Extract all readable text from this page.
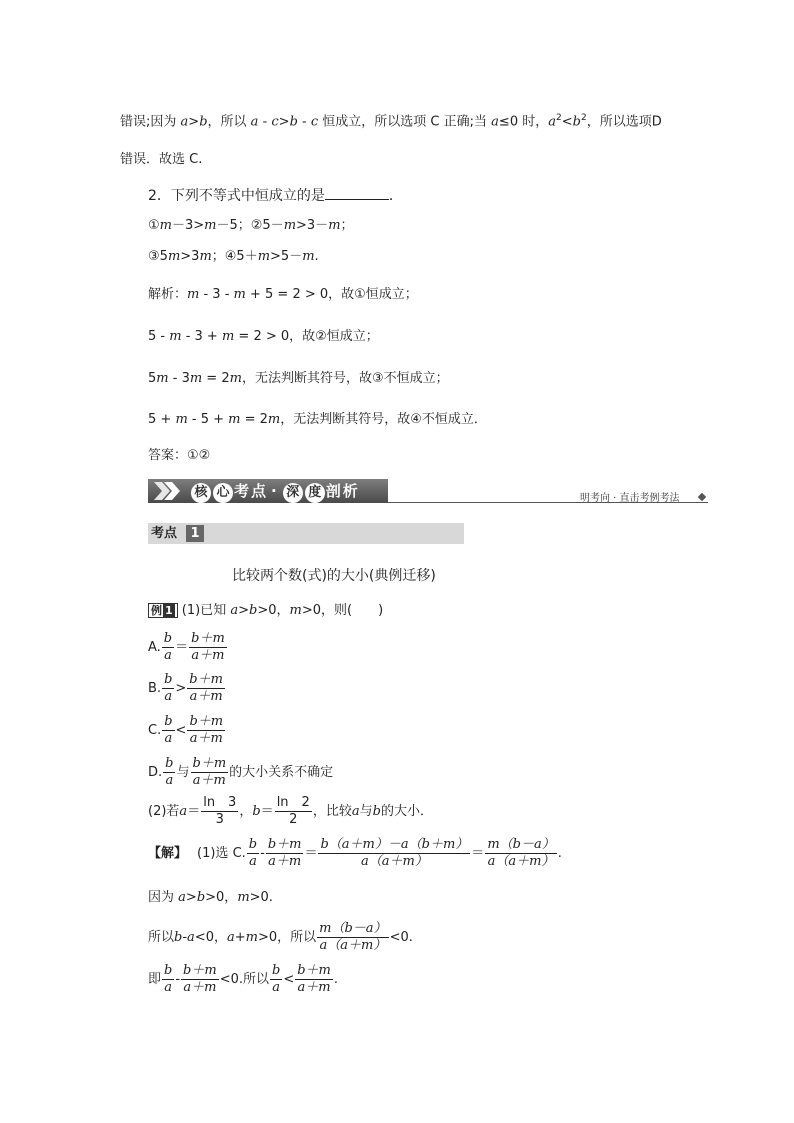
错误;因为 a>b，所以 a - c>b - c 恒成立，所以选项 C 正确;当 a≤0 时，$a^2<b^2$，所以选项D
错误．故选 C.
2．下列不等式中恒成立的是	．
①m－3>m－5；②5－m>3－m；
③5m>3m；④5＋m>5－m.
解析：m - 3 - m + 5 = 2 > 0，故①恒成立；
5 - m - 3 + m = 2 > 0，故②恒成立；
5m - 3m = 2m，无法判断其符号，故③不恒成立；
5 + m - 5 + m = 2m，无法判断其符号，故④不恒成立．
答案：①②
核 心 考点 · 深 度 剖析	明考向 · 直击考例考法
考点	1
比较两个数(式)的大小(典例迁移)
例 1 (1)已知 a>b>0，m>0，则(　　)
A. $\frac{b}{a} = \frac{b+m}{a+m}$
B. $\frac{b}{a} > \frac{b+m}{a+m}$
C. $\frac{b}{a} < \frac{b+m}{a+m}$
D. $\frac{b}{a}$ 与 $\frac{b+m}{a+m}$ 的大小关系不确定
(2)若$a= \frac{\ln 3}{3}$ ，$b= \frac{\ln 2}{2}$ ，比较a与b的大小．
【解】 (1)选 C. $\frac{b}{a} - \frac{b+m}{a+m} = \frac{b(a+m)-a(b+m)}{a(a+m)} = \frac{m(b-a)}{a(a+m)}$ .
因为 a>b>0，m>0.
所以b-a<0，a+m>0，所以 $\frac{m(b-a)}{a(a+m)} <0$.
即 $\frac{b}{a} - \frac{b+m}{a+m} <0$.所以 $\frac{b}{a} < \frac{b+m}{a+m}$ .
